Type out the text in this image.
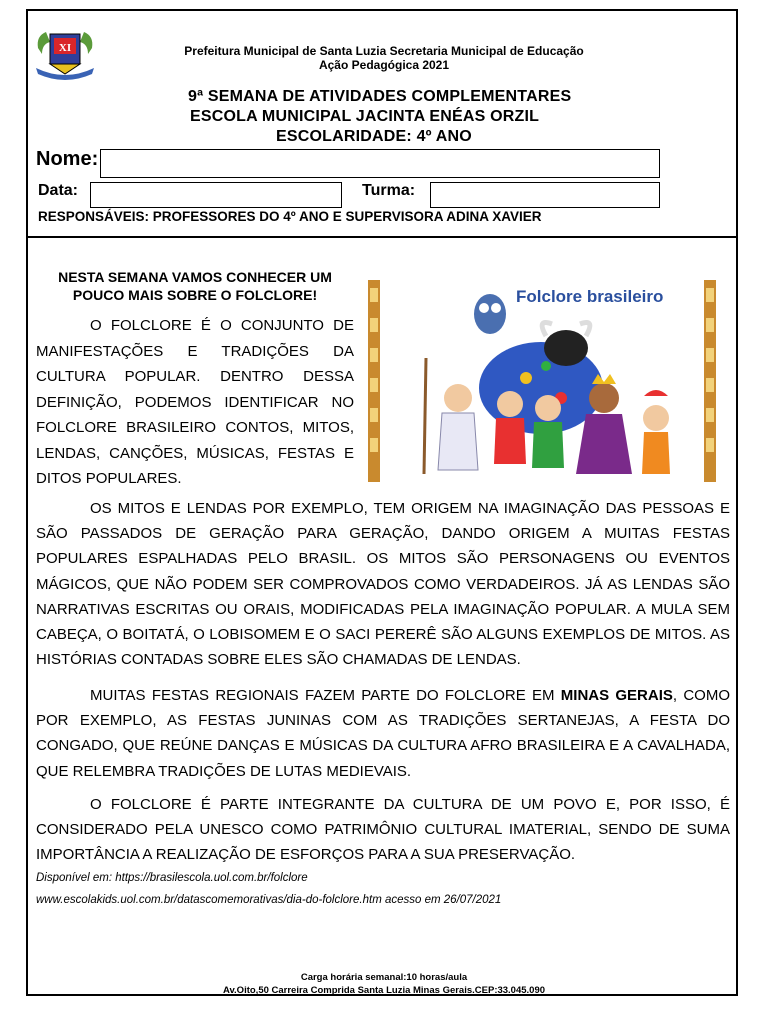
XI	Prefeitura Municipal de Santa Luzia Secretaria Municipal de Educação
Ação Pedagógica 2021
9ª SEMANA DE ATIVIDADES COMPLEMENTARES
ESCOLA MUNICIPAL JACINTA ENÉAS ORZIL
ESCOLARIDADE: 4º ANO
Nome:
Data:	Turma:
RESPONSÁVEIS: PROFESSORES DO 4º ANO E SUPERVISORA ADINA XAVIER
NESTA SEMANA VAMOS CONHECER UM POUCO MAIS SOBRE O FOLCLORE!
O FOLCLORE É O CONJUNTO DE MANIFESTAÇÕES E TRADIÇÕES DA CULTURA POPULAR. DENTRO DESSA DEFINIÇÃO, PODEMOS IDENTIFICAR NO FOLCLORE BRASILEIRO CONTOS, MITOS, LENDAS, CANÇÕES, MÚSICAS, FESTAS E DITOS POPULARES.
Folclore brasileiro
OS MITOS E LENDAS POR EXEMPLO, TEM ORIGEM NA IMAGINAÇÃO DAS PESSOAS E SÃO PASSADOS DE GERAÇÃO PARA GERAÇÃO, DANDO ORIGEM A MUITAS FESTAS POPULARES ESPALHADAS PELO BRASIL. OS MITOS SÃO PERSONAGENS OU EVENTOS MÁGICOS, QUE NÃO PODEM SER COMPROVADOS COMO VERDADEIROS. JÁ AS LENDAS SÃO NARRATIVAS ESCRITAS OU ORAIS, MODIFICADAS PELA IMAGINAÇÃO POPULAR. A MULA SEM CABEÇA, O BOITATÁ, O LOBISOMEM E O SACI PERERÊ SÃO ALGUNS EXEMPLOS DE MITOS. AS HISTÓRIAS CONTADAS SOBRE ELES SÃO CHAMADAS DE LENDAS.
MUITAS FESTAS REGIONAIS FAZEM PARTE DO FOLCLORE EM MINAS GERAIS, COMO POR EXEMPLO, AS FESTAS JUNINAS COM AS TRADIÇÕES SERTANEJAS, A FESTA DO CONGADO, QUE REÚNE DANÇAS E MÚSICAS DA CULTURA AFRO BRASILEIRA E A CAVALHADA, QUE RELEMBRA TRADIÇÕES DE LUTAS MEDIEVAIS.
O FOLCLORE É PARTE INTEGRANTE DA CULTURA DE UM POVO E, POR ISSO, É CONSIDERADO PELA UNESCO COMO PATRIMÔNIO CULTURAL IMATERIAL, SENDO DE SUMA IMPORTÂNCIA A REALIZAÇÃO DE ESFORÇOS PARA A SUA PRESERVAÇÃO.
Disponível em: https://brasilescola.uol.com.br/folclore
www.escolakids.uol.com.br/datascomemorativas/dia-do-folclore.htm acesso em 26/07/2021
Carga horária semanal:10 horas/aula
Av.Oito,50 Carreira Comprida Santa Luzia Minas Gerais.CEP:33.045.090
